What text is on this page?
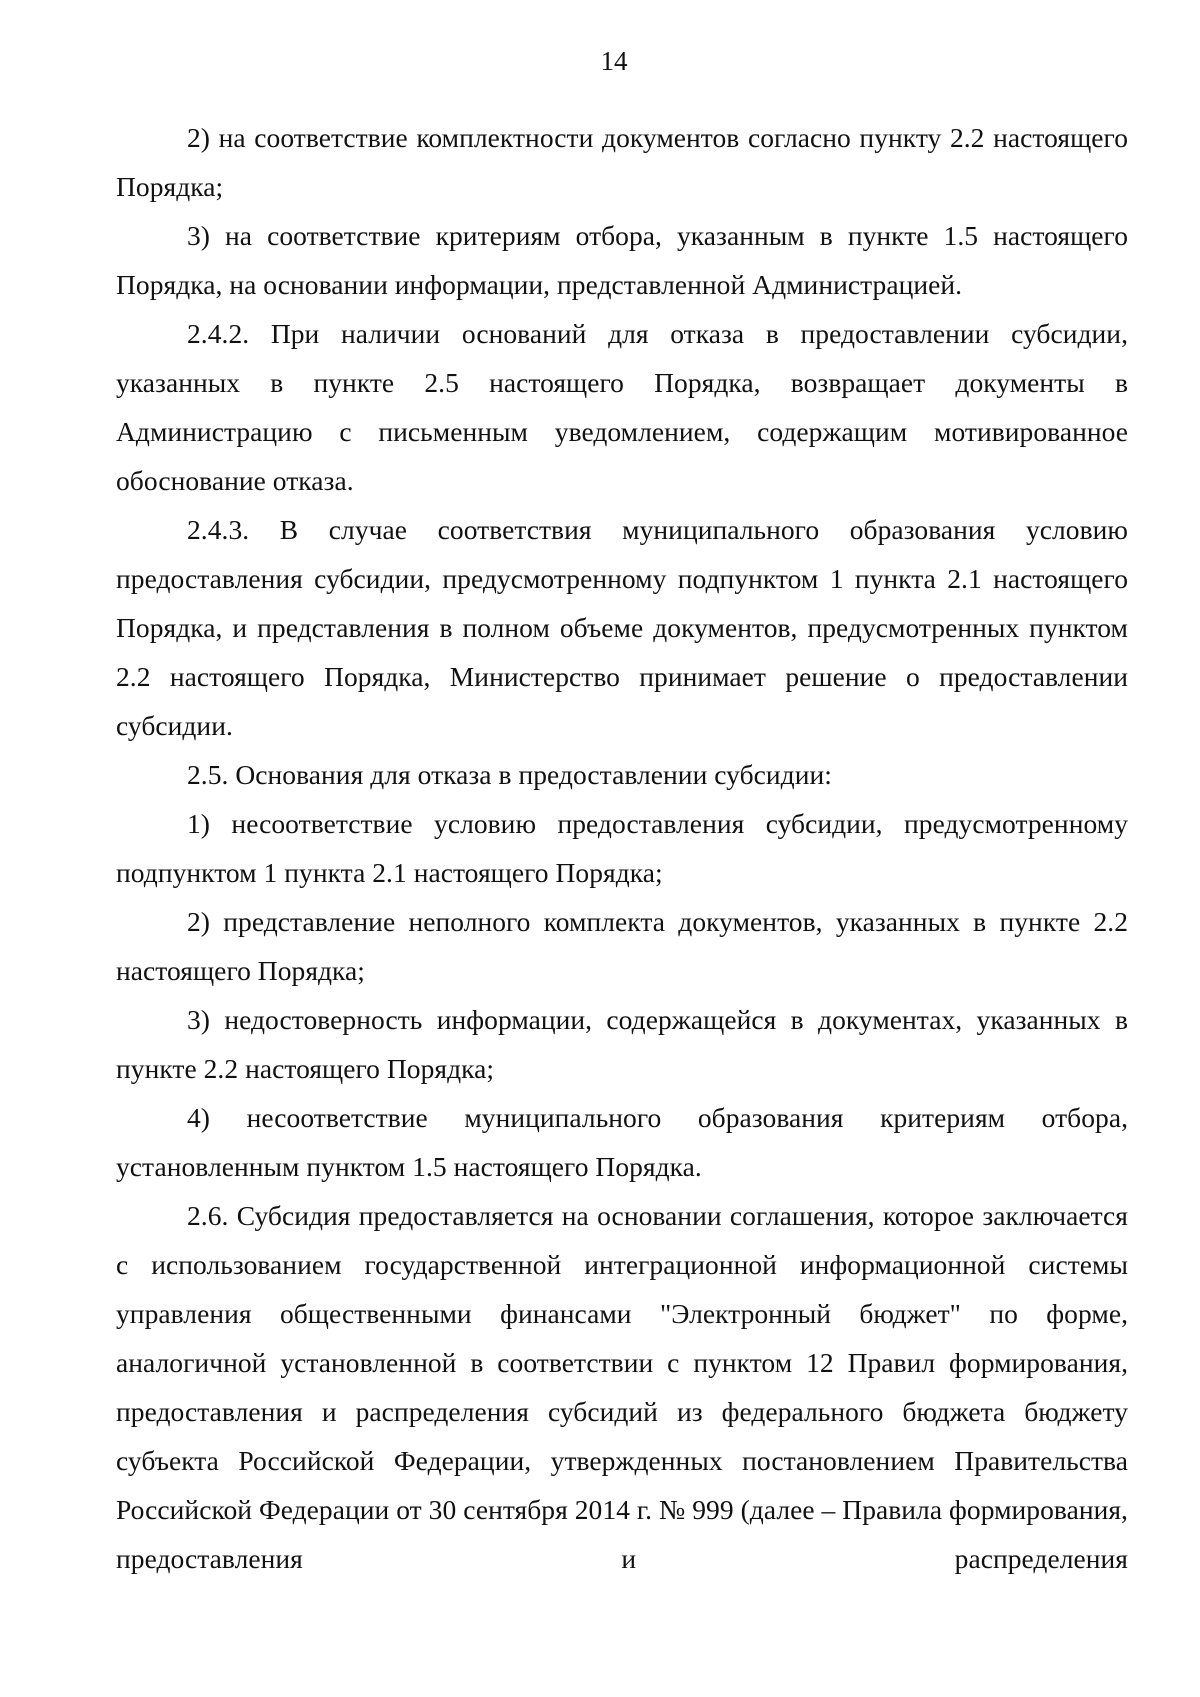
14

2) на соответствие комплектности документов согласно пункту 2.2 настоящего Порядка;

3) на соответствие критериям отбора, указанным в пункте 1.5 настоящего Порядка, на основании информации, представленной Администрацией.

2.4.2. При наличии оснований для отказа в предоставлении субсидии, указанных в пункте 2.5 настоящего Порядка, возвращает документы в Администрацию с письменным уведомлением, содержащим мотивированное обоснование отказа.

2.4.3. В случае соответствия муниципального образования условию предоставления субсидии, предусмотренному подпунктом 1 пункта 2.1 настоящего Порядка, и представления в полном объеме документов, предусмотренных пунктом 2.2 настоящего Порядка, Министерство принимает решение о предоставлении субсидии.

2.5. Основания для отказа в предоставлении субсидии:

1) несоответствие условию предоставления субсидии, предусмотренному подпунктом 1 пункта 2.1 настоящего Порядка;

2) представление неполного комплекта документов, указанных в пункте 2.2 настоящего Порядка;

3) недостоверность информации, содержащейся в документах, указанных в пункте 2.2 настоящего Порядка;

4) несоответствие муниципального образования критериям отбора, установленным пунктом 1.5 настоящего Порядка.

2.6. Субсидия предоставляется на основании соглашения, которое заключается с использованием государственной интеграционной информационной системы управления общественными финансами "Электронный бюджет" по форме, аналогичной установленной в соответствии с пунктом 12 Правил формирования, предоставления и распределения субсидий из федерального бюджета бюджету субъекта Российской Федерации, утвержденных постановлением Правительства Российской Федерации от 30 сентября 2014 г. № 999 (далее – Правила формирования, предоставления и распределения
